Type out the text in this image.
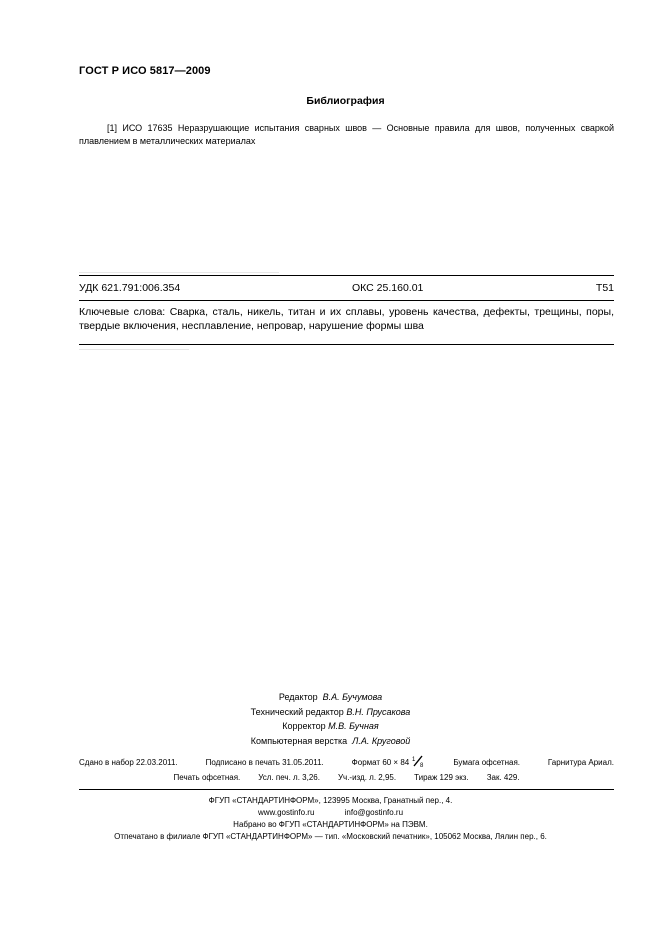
ГОСТ Р ИСО 5817—2009
Библиография
[1] ИСО 17635 Неразрушающие испытания сварных швов — Основные правила для швов, полученных сваркой плавлением в металлических материалах
УДК 621.791:006.354	ОКС 25.160.01	Т51
Ключевые слова: Сварка, сталь, никель, титан и их сплавы, уровень качества, дефекты, трещины, поры, твердые включения, несплавление, непровар, нарушение формы шва
Редактор В.А. Бучумова
Технический редактор В.Н. Прусакова
Корректор М.В. Бучная
Компьютерная верстка Л.А. Круговой
Сдано в набор 22.03.2011.	Подписано в печать 31.05.2011.	Формат 60 × 84 1
8	Бумага офсетная.	Гарнитура Ариал.
Печать офсетная. Усл. печ. л. 3,26. Уч.-изд. л. 2,95. Тираж 129 экз. Зак. 429.
ФГУП «СТАНДАРТИНФОРМ», 123995 Москва, Гранатный пер., 4.
www.gostinfo.ru	info@gostinfo.ru
Набрано во ФГУП «СТАНДАРТИНФОРМ» на ПЭВМ.
Отпечатано в филиале ФГУП «СТАНДАРТИНФОРМ» — тип. «Московский печатник», 105062 Москва, Лялин пер., 6.
